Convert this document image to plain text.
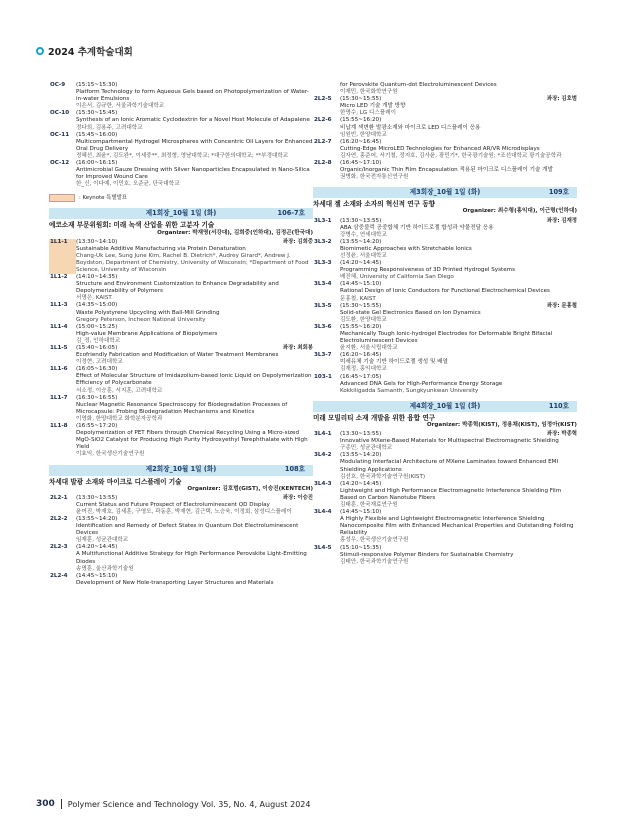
2024 추계학술대회
OC-9	(15:15~15:30)
Platform Technology to form Aqueous Gels based on Photopolymerization of Water-in-water Emulsions
이은서, 김규한, 서울과학기술대학교
OC-10	(15:30~15:45)
Synthesis of an Ionic Aromatic Cyclodextrin for a Novel Host Molecule of Adapalene
정다희, 김용주, 고려대학교
OC-11	(15:45~16:00)
Multicompartmental Hydrogel Microspheres with Concentric Oil Layers for Enhanced Oral Drug Delivery
정혜선, 최윤*, 김도완*, 이세중**, 최정형, 영남대학교; *대구한의대학교; **부경대학교
OC-12	(16:00~16:15)
Antimicrobial Gauze Dressing with Silver Nanoparticles Encapsulated in Nano-Silica for Improved Wound Care
한_신, 이다예, 이민호, 오준균, 단국대학교
: Keynote 특별발표
제1회장_10월 1일 (화)	106-7호
에코소재 부문위원회: 미래 녹색 산업을 위한 고분자 기술
Organizer: 박재영(서강대), 김희중(인하대), 김정곤(한국대)
1L1-1	(13:30~14:10)	좌장: 김희중
Sustainable Additive Manufacturing via Protein Denaturation
Chang-Uk Lee, Sung June Kim, Rachel B. Dietrich*, Audrey Girard*, Andrew J. Boydston, Department of Chemistry, University of Wisconsin; *Department of Food Science, University of Wisconsin
1L1-2	(14:10~14:35)
Structure and Environment Customization to Enhance Degradability and Depolymerizability of Polymers
서명은, KAIST
1L1-3	(14:35~15:00)
Waste Polystyrene Upcycling with Ball-Mill Grinding
Gregory Peterson, Incheon National University
1L1-4	(15:00~15:25)
High-value Membrane Applications of Biopolymers
김_정, 인하대학교
1L1-5	(15:40~16:05)	좌장: 최회봉
Ecofriendly Fabrication and Modification of Water Treatment Membranes
이정현, 고려대학교
1L1-6	(16:05~16:30)
Effect of Molecular Structure of Imidazolium-based Ionic Liquid on Depolymerization Efficiency of Polycarbonate
서소정, 이승훈, 서지훈, 고려대학교
1L1-7	(16:30~16:55)
Nuclear Magnetic Resonance Spectroscopy for Biodegradation Processes of Microcapsule: Probing Biodegradation Mechanisms and Kinetics
이영화, 한양대학교 화학분자공학과
1L1-8	(16:55~17:20)
Depolymerization of PET Fibers through Chemical Recycling Using a Micro-sized MgO-SiO2 Catalyst for Producing High Purity Hydroxyethyl Terephthalate with High Yield
이효익, 한국생산기술연구원
제2회장_10월 1일 (화)	108호
차세대 발광 소재와 마이크로 디스플레이 기술
Organizer: 김호범(GIST), 이승진(KENTECH)
2L2-1	(13:30~13:55)	좌장: 이승진
Current Status and Future Prospect of Electroluminescent QD Display
윤여진, 박재호, 김세훈, 구영모, 곽동훈, 박재현, 김근택, 노승욱, 이정회, 삼성디스플레이
2L2-2	(13:55~14:20)
Identification and Remedy of Defect States in Quantum Dot Electroluminescent Devices
임재훈, 성균관대학교
2L2-3	(14:20~14:45)
A Multifunctional Additive Strategy for High Performance Perovskite Light-Emitting Diodes
송명훈, 울산과학기술원
2L2-4	(14:45~15:10)
Development of New Hole-transporting Layer Structures and Materials
for Perovskite Quantum-dot Electroluminescent Devices
이재민, 한국화학연구원
2L2-5	(15:30~15:55)	좌장: 김호범
Micro LED 기술 개발 방향
한명수, LG 디스플레이
2L2-6	(15:55~16:20)
비납계 색변환 발광소재와 마이크로 LED 디스플레이 응용
임원빈, 한양대학교
2L2-7	(16:20~16:45)
Cutting-Edge MicroLED Technologies for Enhanced AR/VR Microdisplays
김자연, 홍준어, 서기철, 정지호, 김사윤, 광민기*, 한국광기술원; *조선대학교 광기술공학과
2L2-8	(16:45~17:10)
Organic/Inorganic Thin Film Encapsulation 적용된 마이크로 디스플레이 기술 개발
권병화, 한국전자통신연구원
제3회장_10월 1일 (화)	109호
차세대 젤 소재와 소자의 혁신적 연구 동향
Organizer: 최수형(홍익대), 이근형(인하대)
3L3-1	(13:30~13:55)	좌장: 김재정
ABA 삼중블럭 공중합체 기반 하이드로젤 합성과 약물전달 응용
강병수, 연세대학교
3L3-2	(13:55~14:20)
Biomimetic Approaches with Stretchable Ionics
선정윤, 서울대학교
3L3-3	(14:20~14:45)
Programming Responsiveness of 3D Printed Hydrogel Systems
배진혜, University of California San Diego
3L3-4	(14:45~15:10)
Rational Design of Ionic Conductors for Functional Electrochemical Devices
문홍철, KAIST
3L3-5	(15:30~15:55)	좌장: 문홍철
Solid-state Gel Electronics Based on Ion Dynamics
김도환, 한양대학교
3L3-6	(15:55~16:20)
Mechanically Tough Ionic-hydrogel Electrodes for Deformable Bright Bifacial Electroluminescent Devices
윤지환, 서울시립대학교
3L3-7	(16:20~16:45)
미세유체 기술 기반 하이드로젤 생성 및 배열
김재정, 홍익대학교
103-1	(16:45~17:05)
Advanced DNA Gels for High-Performance Energy Storage
Kokkiligadda Samanth, Sungkyunkwan University
제4회장_10월 1일 (화)	110호
미래 모빌리티 소재 개발을 위한 융합 연구
Organizer: 박종혁(KIST), 정용채(KIST), 임정아(KIST)
3L4-1	(13:30~13:55)	좌장: 박종혁
Innovative MXene-Based Materials for Multispectral Electromagnetic Shielding
구종민, 성균관대학교
3L4-2	(13:55~14:20)
Modulating Interfacial Architecture of MXene Laminates toward Enhanced EMI Shielding Applications
김선호, 한국과학기술연구원(KIST)
3L4-3	(14:20~14:45)
Lightweight and High Performance Electromagnetic Interference Shielding Film Based on Carbon Nanotube Fibers
김태훈, 한국재료연구원
3L4-4	(14:45~15:10)
A Highly Flexible and Lightweight Electromagnetic Interference Shielding Nanocomposite Film with Enhanced Mechanical Properties and Outstanding Folding Reliability
홍성우, 한국생산기술연구원
3L4-5	(15:10~15:35)
Stimuli-responsive Polymer Binders for Sustainable Chemistry
김태안, 한국과학기술연구원
300 Polymer Science and Technology Vol. 35, No. 4, August 2024
